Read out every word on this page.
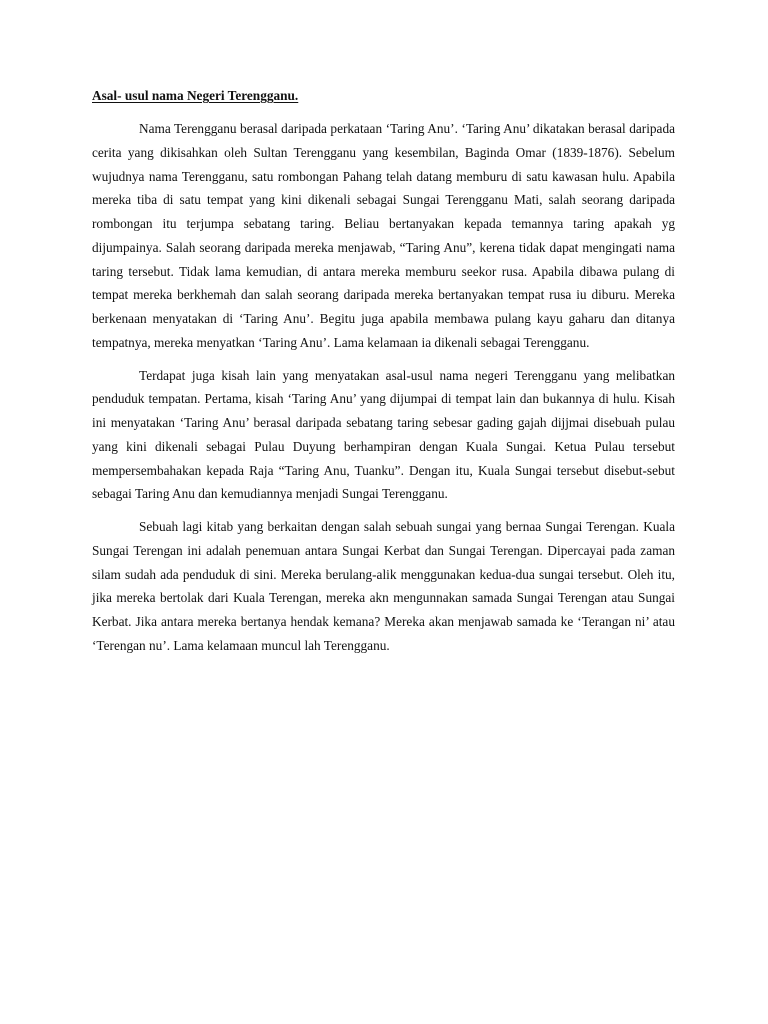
Asal- usul nama Negeri Terengganu.

Nama Terengganu berasal daripada perkataan ‘Taring Anu’. ‘Taring Anu’ dikatakan berasal daripada cerita yang dikisahkan oleh Sultan Terengganu yang kesembilan, Baginda Omar (1839-1876). Sebelum wujudnya nama Terengganu, satu rombongan Pahang telah datang memburu di satu kawasan hulu. Apabila mereka tiba di satu tempat yang kini dikenali sebagai Sungai Terengganu Mati, salah seorang daripada rombongan itu terjumpa sebatang taring. Beliau bertanyakan kepada temannya taring apakah yg dijumpainya. Salah seorang daripada mereka menjawab, “Taring Anu”, kerena tidak dapat mengingati nama taring tersebut. Tidak lama kemudian, di antara mereka memburu seekor rusa. Apabila dibawa pulang di tempat mereka berkhemah dan salah seorang daripada mereka bertanyakan tempat rusa iu diburu. Mereka berkenaan menyatakan di ‘Taring Anu’. Begitu juga apabila membawa pulang kayu gaharu dan ditanya tempatnya, mereka menyatkan ‘Taring Anu’. Lama kelamaan ia dikenali sebagai Terengganu.

Terdapat juga kisah lain yang menyatakan asal-usul nama negeri Terengganu yang melibatkan penduduk tempatan. Pertama, kisah ‘Taring Anu’ yang dijumpai di tempat lain dan bukannya di hulu. Kisah ini menyatakan ‘Taring Anu’ berasal daripada sebatang taring sebesar gading gajah dijjmai disebuah pulau yang kini dikenali sebagai Pulau Duyung berhampiran dengan Kuala Sungai. Ketua Pulau tersebut mempersembahakan kepada Raja “Taring Anu, Tuanku”. Dengan itu, Kuala Sungai tersebut disebut-sebut sebagai Taring Anu dan kemudiannya menjadi Sungai Terengganu.

Sebuah lagi kitab yang berkaitan dengan salah sebuah sungai yang bernaa Sungai Terengan. Kuala Sungai Terengan ini adalah penemuan antara Sungai Kerbat dan Sungai Terengan. Dipercayai pada zaman silam sudah ada penduduk di sini. Mereka berulang-alik menggunakan kedua-dua sungai tersebut. Oleh itu, jika mereka bertolak dari Kuala Terengan, mereka akn mengunnakan samada Sungai Terengan atau Sungai Kerbat. Jika antara mereka bertanya hendak kemana? Mereka akan menjawab samada ke ‘Terangan ni’ atau ‘Terengan nu’. Lama kelamaan muncul lah Terengganu.
